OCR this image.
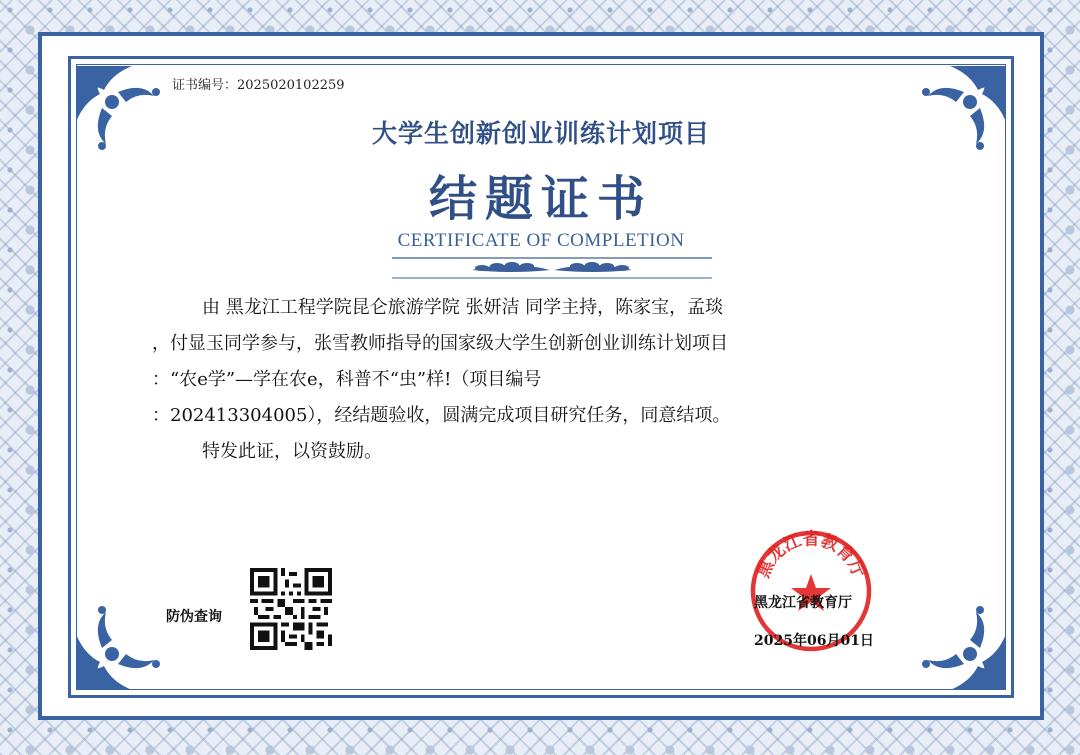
证书编号：2025020102259
大学生创新创业训练计划项目
结题证书
CERTIFICATE OF COMPLETION

由 黑龙江工程学院昆仑旅游学院 张妍洁 同学主持，陈家宝，孟琰

，付显玉同学参与，张雪教师指导的国家级大学生创新创业训练计划项目

：“农e学”—学在农e，科普不“虫”样!（项目编号

：202413304005），经结题验收，圆满完成项目研究任务，同意结项。

特发此证，以资鼓励。

防伪查询
黑龙江省教育厅
黑龙江省教育厅
2025年06月01日
